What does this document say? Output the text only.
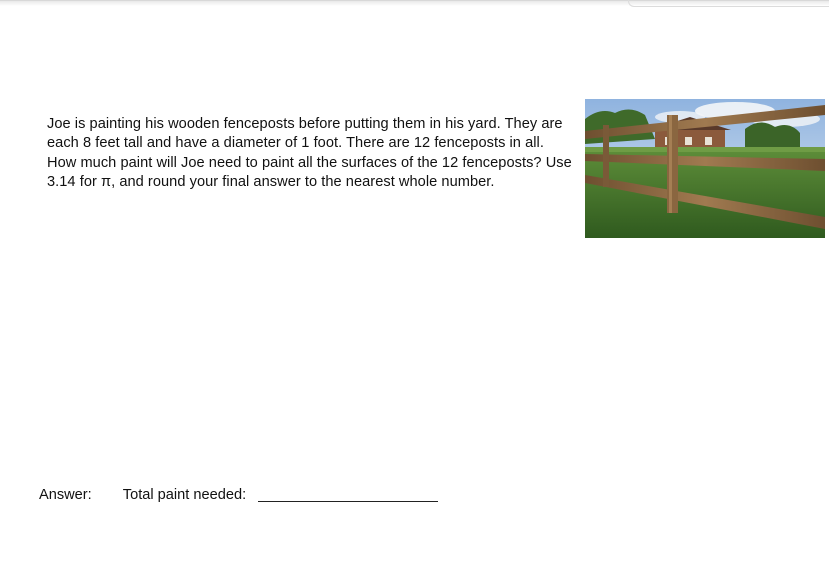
Joe is painting his wooden fenceposts before putting them in his yard. They are each 8 feet tall and have a diameter of 1 foot. There are 12 fenceposts in all. How much paint will Joe need to paint all the surfaces of the 12 fenceposts? Use 3.14 for π, and round your final answer to the nearest whole number.

Answer: Total paint needed:
